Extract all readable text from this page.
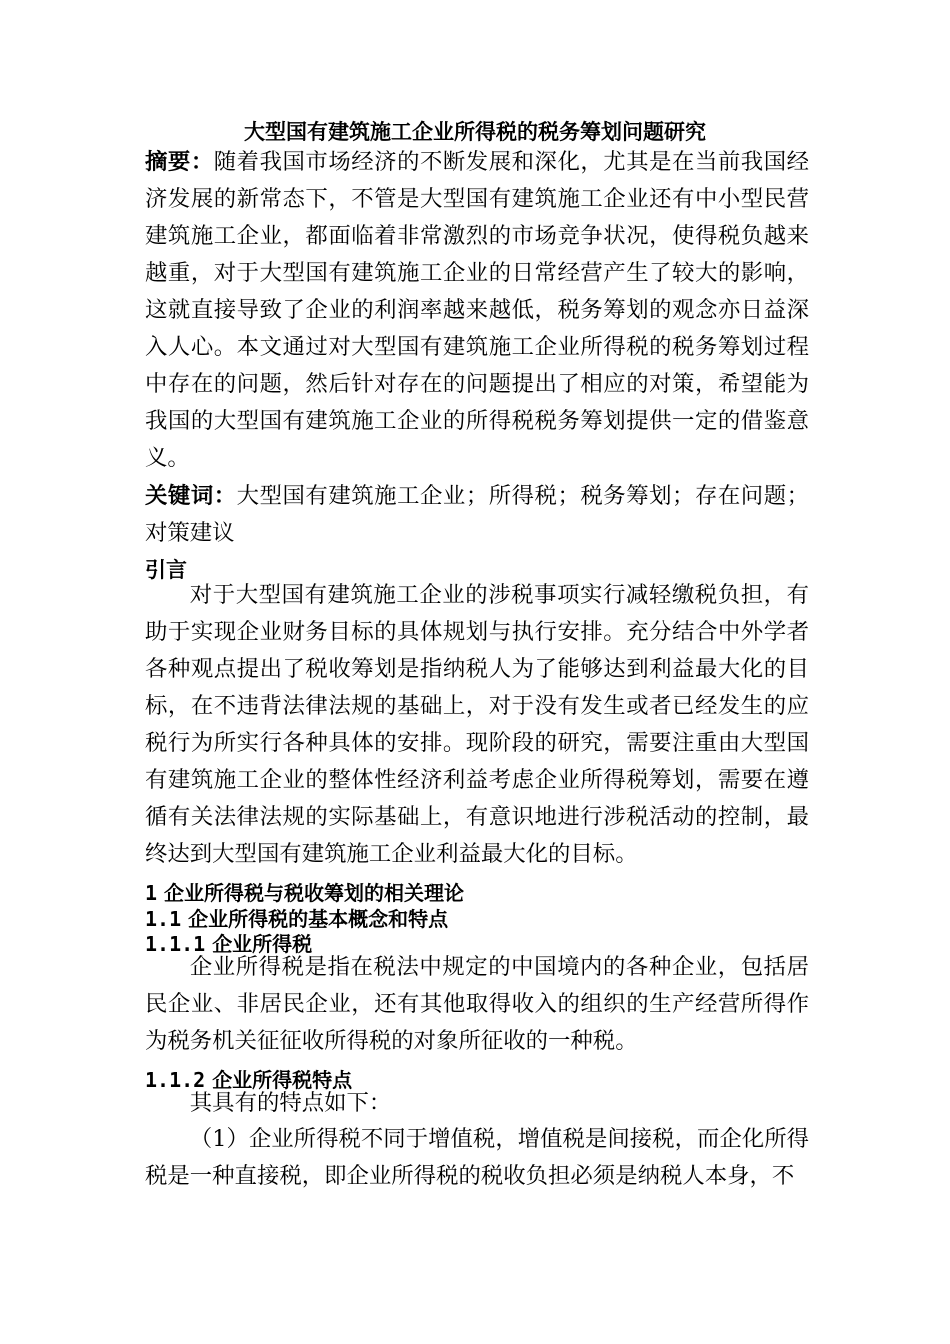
大型国有建筑施工企业所得税的税务筹划问题研究

摘要：随着我国市场经济的不断发展和深化，尤其是在当前我国经济发展的新常态下，不管是大型国有建筑施工企业还有中小型民营建筑施工企业，都面临着非常激烈的市场竞争状况，使得税负越来越重，对于大型国有建筑施工企业的日常经营产生了较大的影响，这就直接导致了企业的利润率越来越低，税务筹划的观念亦日益深入人心。本文通过对大型国有建筑施工企业所得税的税务筹划过程中存在的问题，然后针对存在的问题提出了相应的对策，希望能为我国的大型国有建筑施工企业的所得税税务筹划提供一定的借鉴意义。

关键词：大型国有建筑施工企业；所得税；税务筹划；存在问题；对策建议

引言

对于大型国有建筑施工企业的涉税事项实行减轻缴税负担，有助于实现企业财务目标的具体规划与执行安排。充分结合中外学者各种观点提出了税收筹划是指纳税人为了能够达到利益最大化的目标，在不违背法律法规的基础上，对于没有发生或者已经发生的应税行为所实行各种具体的安排。现阶段的研究，需要注重由大型国有建筑施工企业的整体性经济利益考虑企业所得税筹划，需要在遵循有关法律法规的实际基础上，有意识地进行涉税活动的控制，最终达到大型国有建筑施工企业利益最大化的目标。

1 企业所得税与税收筹划的相关理论
1.1 企业所得税的基本概念和特点
1.1.1 企业所得税

企业所得税是指在税法中规定的中国境内的各种企业，包括居民企业、非居民企业，还有其他取得收入的组织的生产经营所得作为税务机关征征收所得税的对象所征收的一种税。

1.1.2 企业所得税特点

其具有的特点如下：

（1）企业所得税不同于增值税，增值税是间接税，而企化所得税是一种直接税，即企业所得税的税收负担必须是纳税人本身，不
